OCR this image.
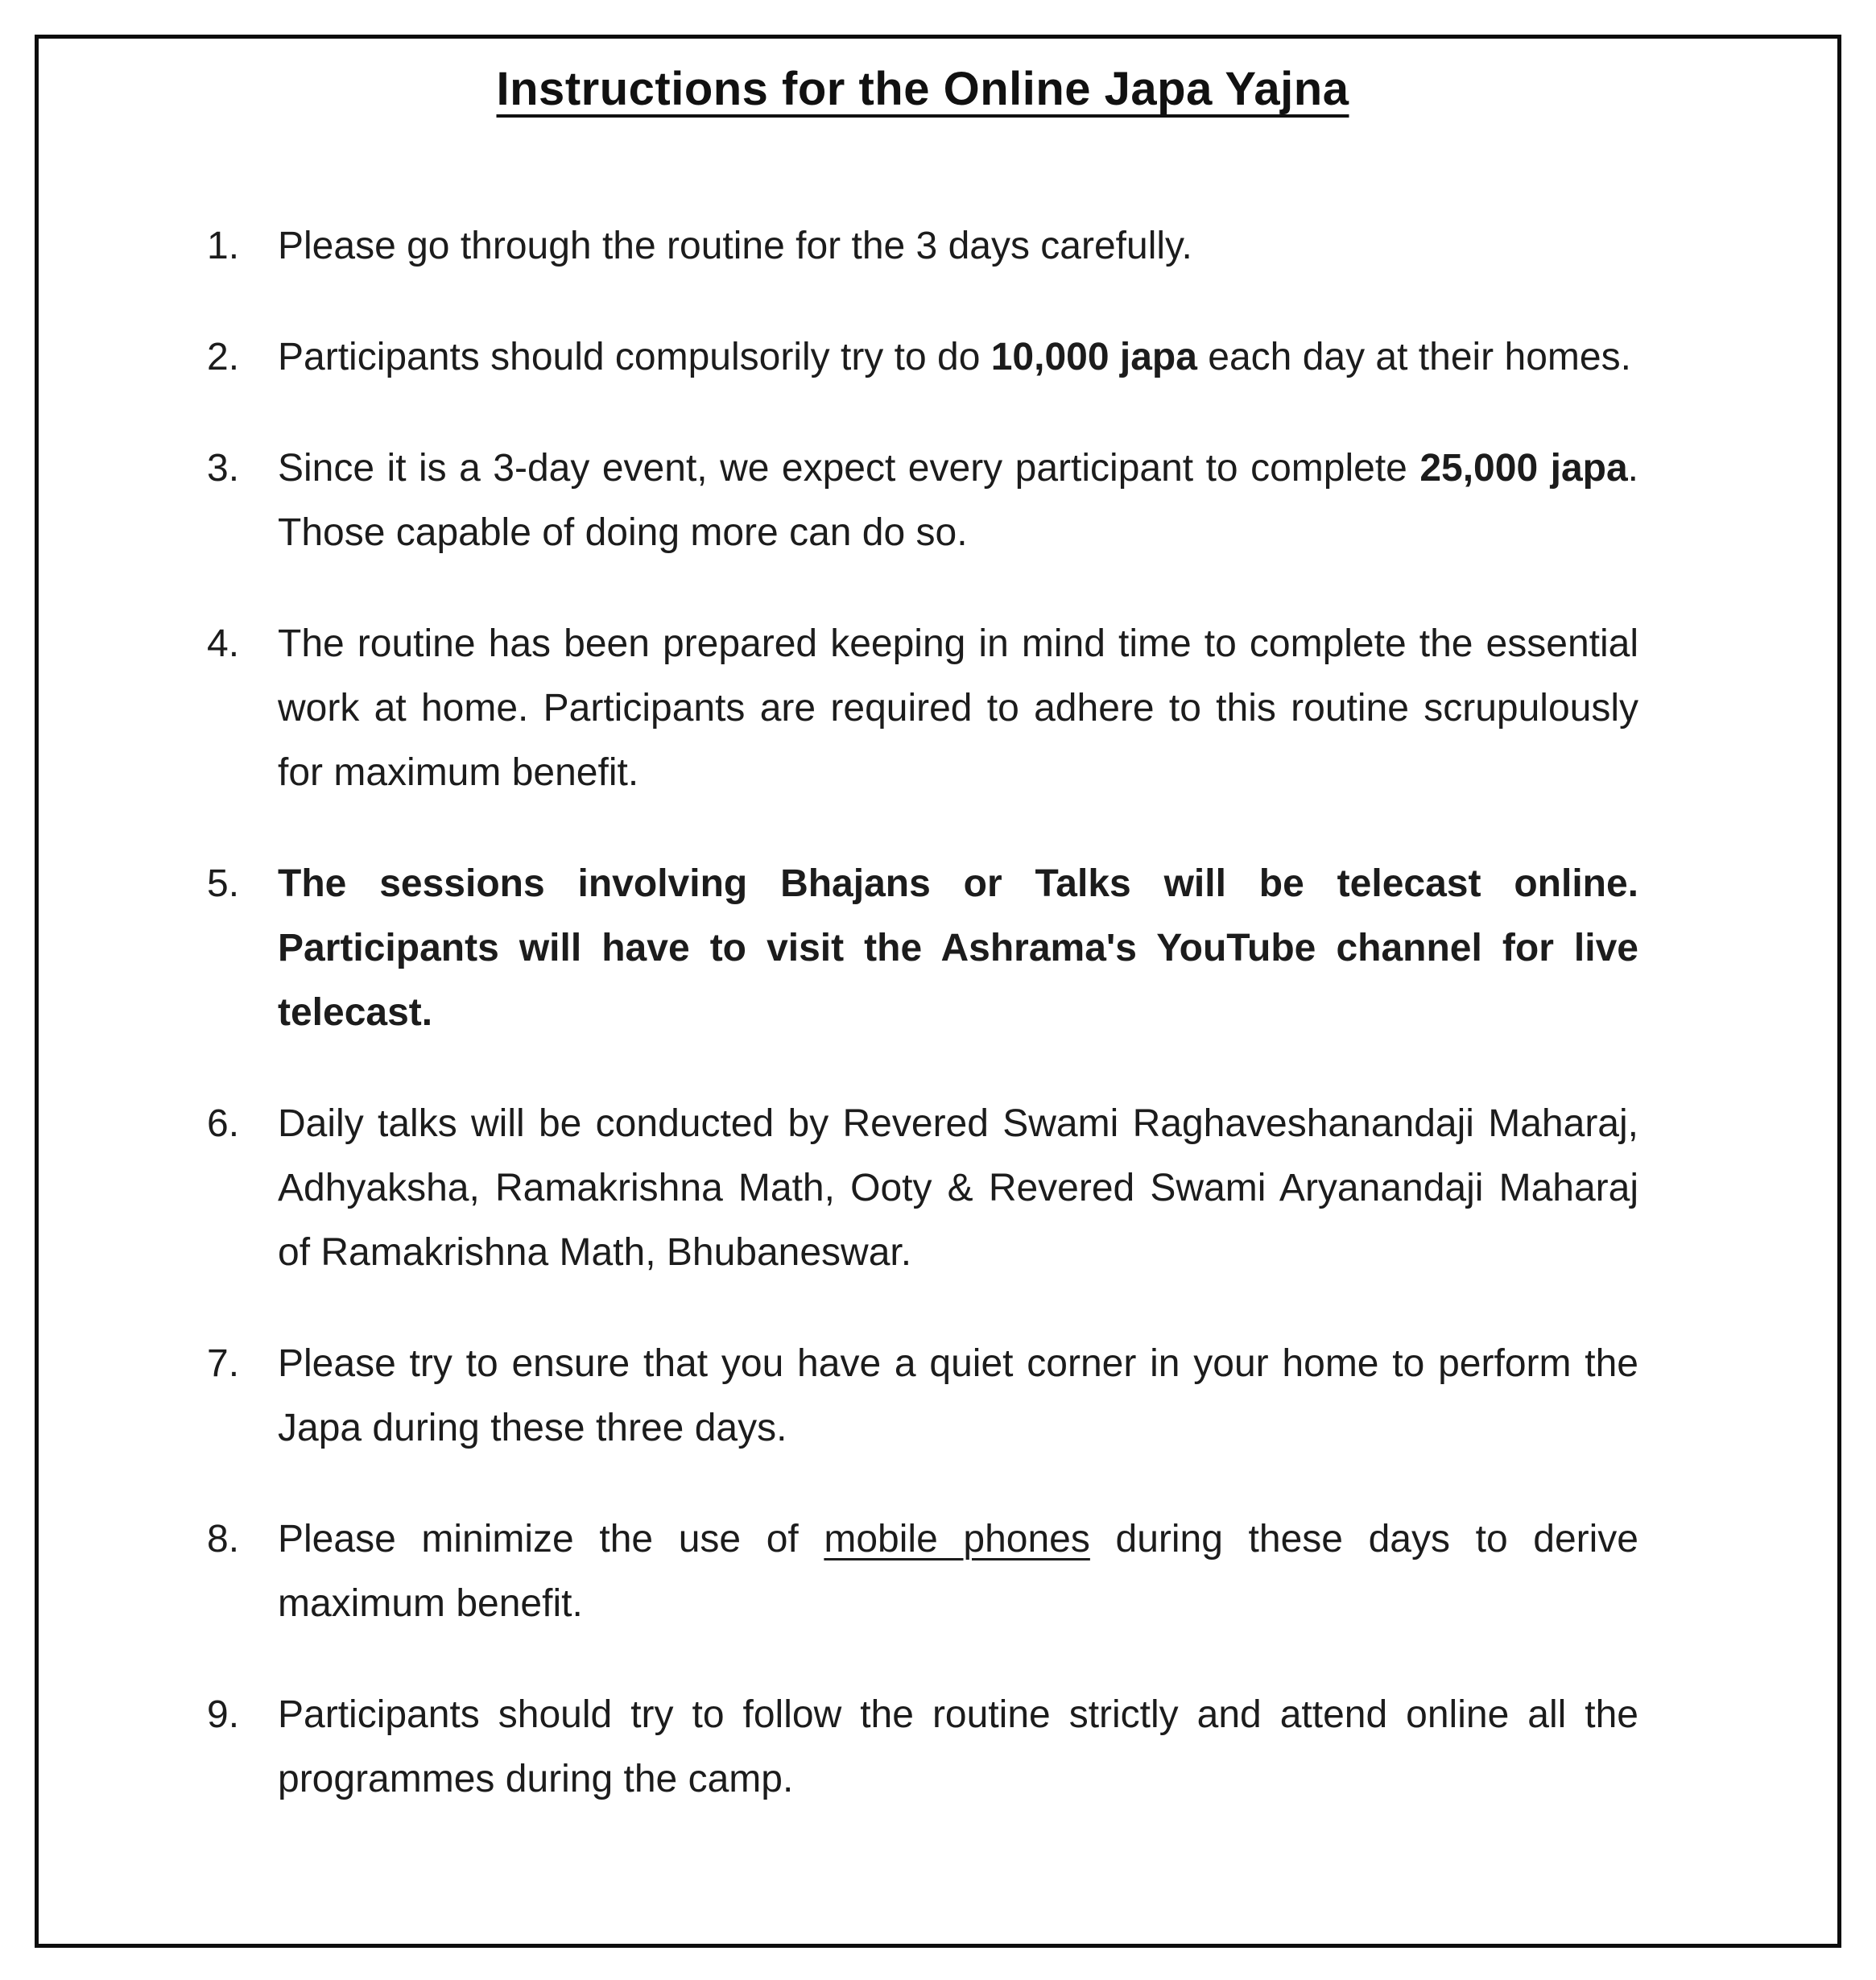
Instructions for the Online Japa Yajna
1. Please go through the routine for the 3 days carefully.
2. Participants should compulsorily try to do 10,000 japa each day at their homes.
3. Since it is a 3-day event, we expect every participant to complete 25,000 japa. Those capable of doing more can do so.
4. The routine has been prepared keeping in mind time to complete the essential work at home. Participants are required to adhere to this routine scrupulously for maximum benefit.
5. The sessions involving Bhajans or Talks will be telecast online. Participants will have to visit the Ashrama's YouTube channel for live telecast.
6. Daily talks will be conducted by Revered Swami Raghaveshanandaji Maharaj, Adhyaksha, Ramakrishna Math, Ooty & Revered Swami Aryanandaji Maharaj of Ramakrishna Math, Bhubaneswar.
7. Please try to ensure that you have a quiet corner in your home to perform the Japa during these three days.
8. Please minimize the use of mobile phones during these days to derive maximum benefit.
9. Participants should try to follow the routine strictly and attend online all the programmes during the camp.
